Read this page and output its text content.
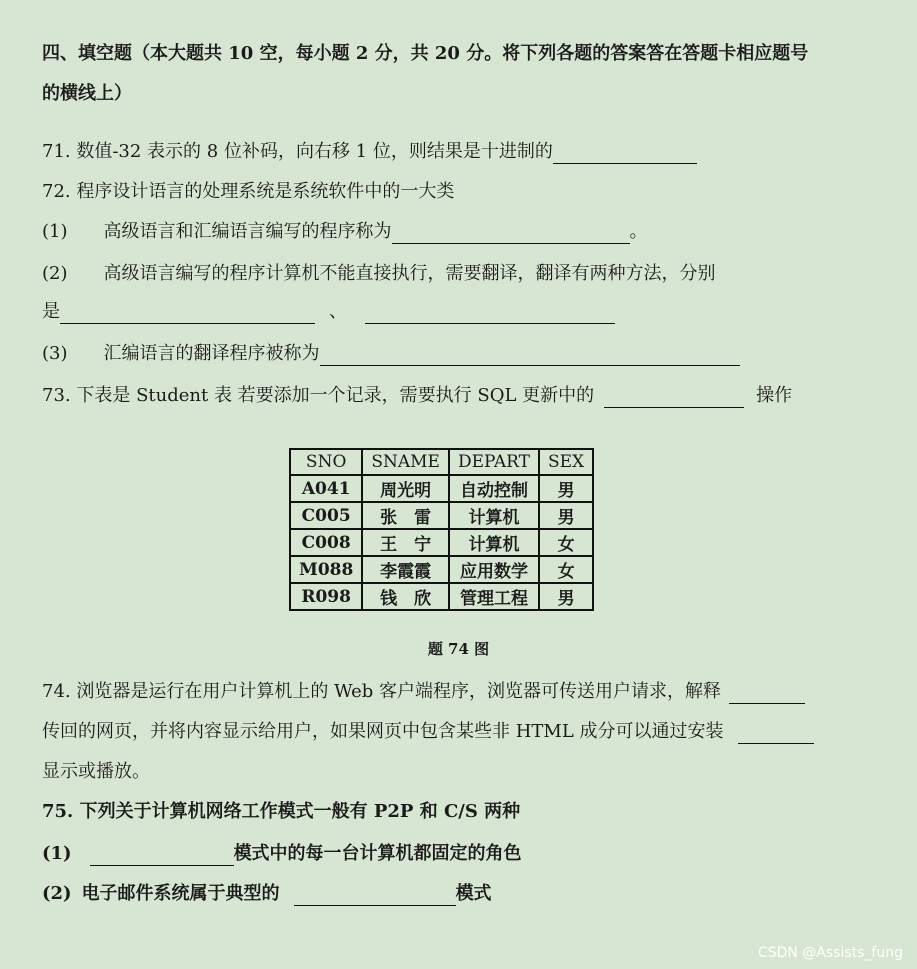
四、填空题（本大题共 10 空，每小题 2 分，共 20 分。将下列各题的答案答在答题卡相应题号
的横线上）
71. 数值-32 表示的 8 位补码，向右移 1 位，则结果是十进制的
72. 程序设计语言的处理系统是系统软件中的一大类
(1) 高级语言和汇编语言编写的程序称为	。
(2) 高级语言编写的程序计算机不能直接执行，需要翻译，翻译有两种方法，分别
是	、
(3) 汇编语言的翻译程序被称为
73. 下表是 Student 表 若要添加一个记录，需要执行 SQL 更新中的	操作
SNO	SNAME	DEPART	SEX
A041	周光明	自动控制	男
C005	张　雷	计算机	男
C008	王　宁	计算机	女
M088	李霞霞	应用数学	女
R098	钱　欣	管理工程	男
题 74 图
74. 浏览器是运行在用户计算机上的 Web 客户端程序，浏览器可传送用户请求，解释
传回的网页，并将内容显示给用户，如果网页中包含某些非 HTML 成分可以通过安装
显示或播放。
75. 下列关于计算机网络工作模式一般有 P2P 和 C/S 两种
(1)	模式中的每一台计算机都固定的角色
(2) 电子邮件系统属于典型的	模式
CSDN @Assists_fung
